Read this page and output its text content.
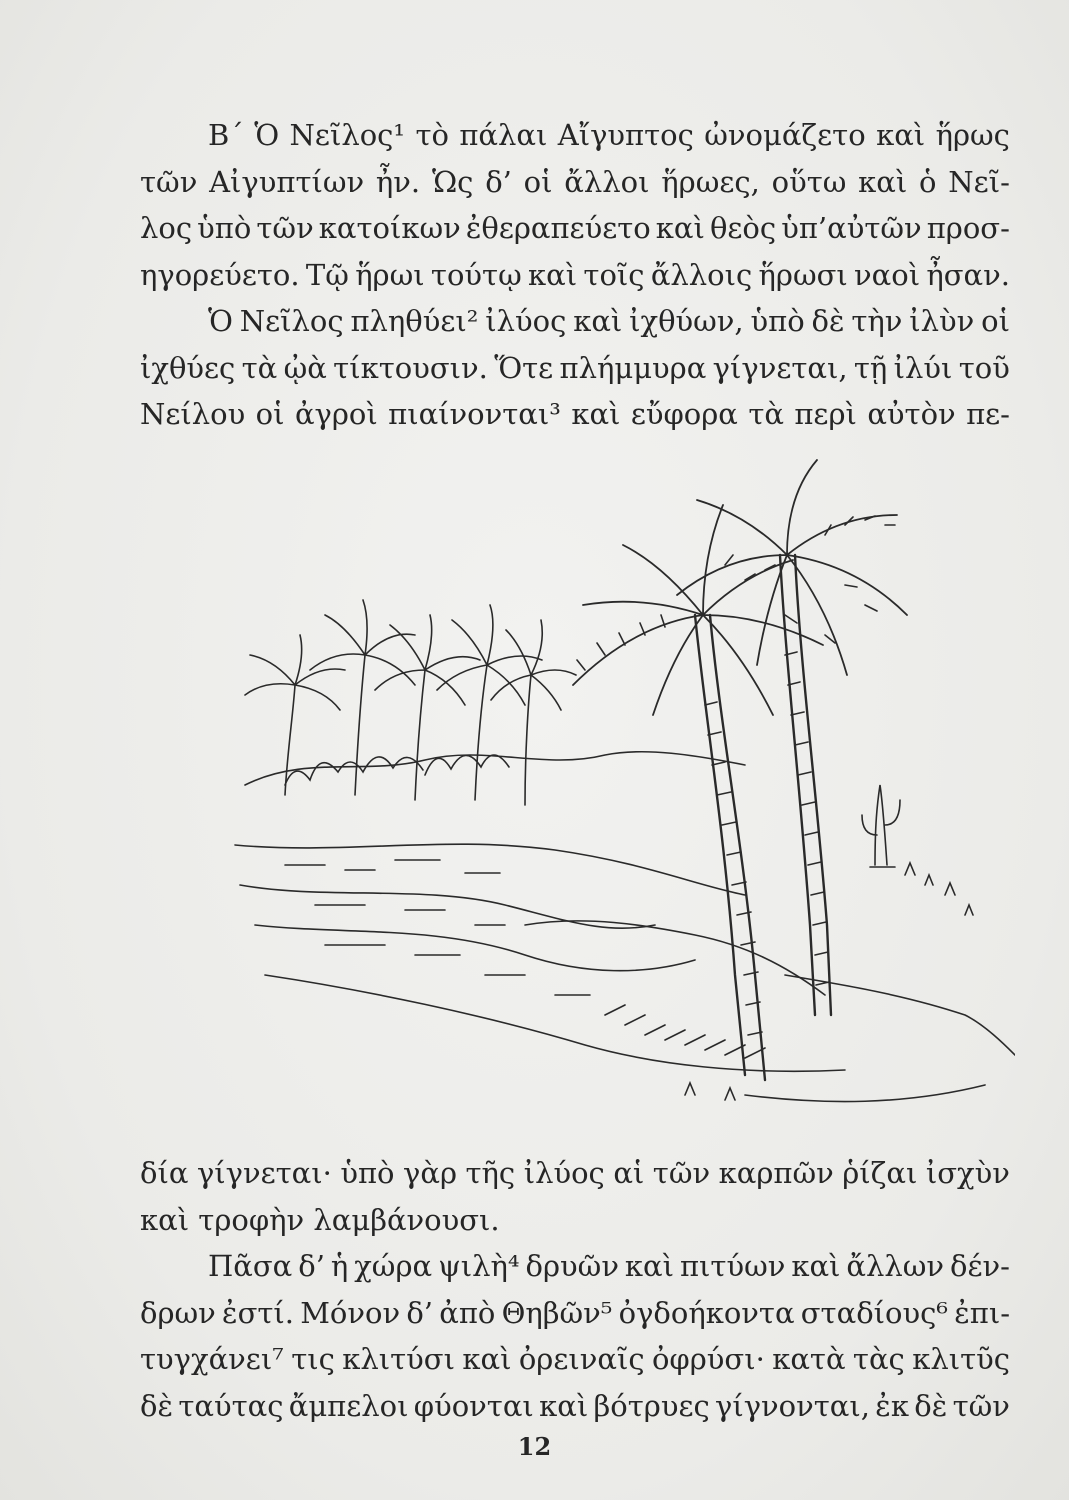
Β΄ Ὁ Νεῖλος¹ τὸ πάλαι Αἴγυπτος ὠνομάζετο καὶ ἥρως
τῶν Αἰγυπτίων ἦν. Ὡς δ’ οἱ ἄλλοι ἥρωες, οὕτω καὶ ὁ Νεῖ-
λος ὑπὸ τῶν κατοίκων ἐθεραπεύετο καὶ θεὸς ὑπ’αὐτῶν προσ-
ηγορεύετο. Τῷ ἥρωι τούτῳ καὶ τοῖς ἄλλοις ἥρωσι ναοὶ ἦσαν.
Ὁ Νεῖλος πληθύει² ἰλύος καὶ ἰχθύων, ὑπὸ δὲ τὴν ἰλὺν οἱ
ἰχθύες τὰ ᾠὰ τίκτουσιν. Ὅτε πλήμμυρα γίγνεται, τῇ ἰλύι τοῦ
Νείλου οἱ ἀγροὶ πιαίνονται³ καὶ εὔφορα τὰ περὶ αὐτὸν πε-
δία γίγνεται· ὑπὸ γὰρ τῆς ἰλύος αἱ τῶν καρπῶν ῥίζαι ἰσχὺν
καὶ τροφὴν λαμβάνουσι.
Πᾶσα δ’ ἡ χώρα ψιλὴ⁴ δρυῶν καὶ πιτύων καὶ ἄλλων δέν-
δρων ἐστί. Μόνον δ’ ἀπὸ Θηβῶν⁵ ὀγδοήκοντα σταδίους⁶ ἐπι-
τυγχάνει⁷ τις κλιτύσι καὶ ὀρειναῖς ὀφρύσι· κατὰ τὰς κλιτῦς
δὲ ταύτας ἄμπελοι φύονται καὶ βότρυες γίγνονται, ἐκ δὲ τῶν
12
